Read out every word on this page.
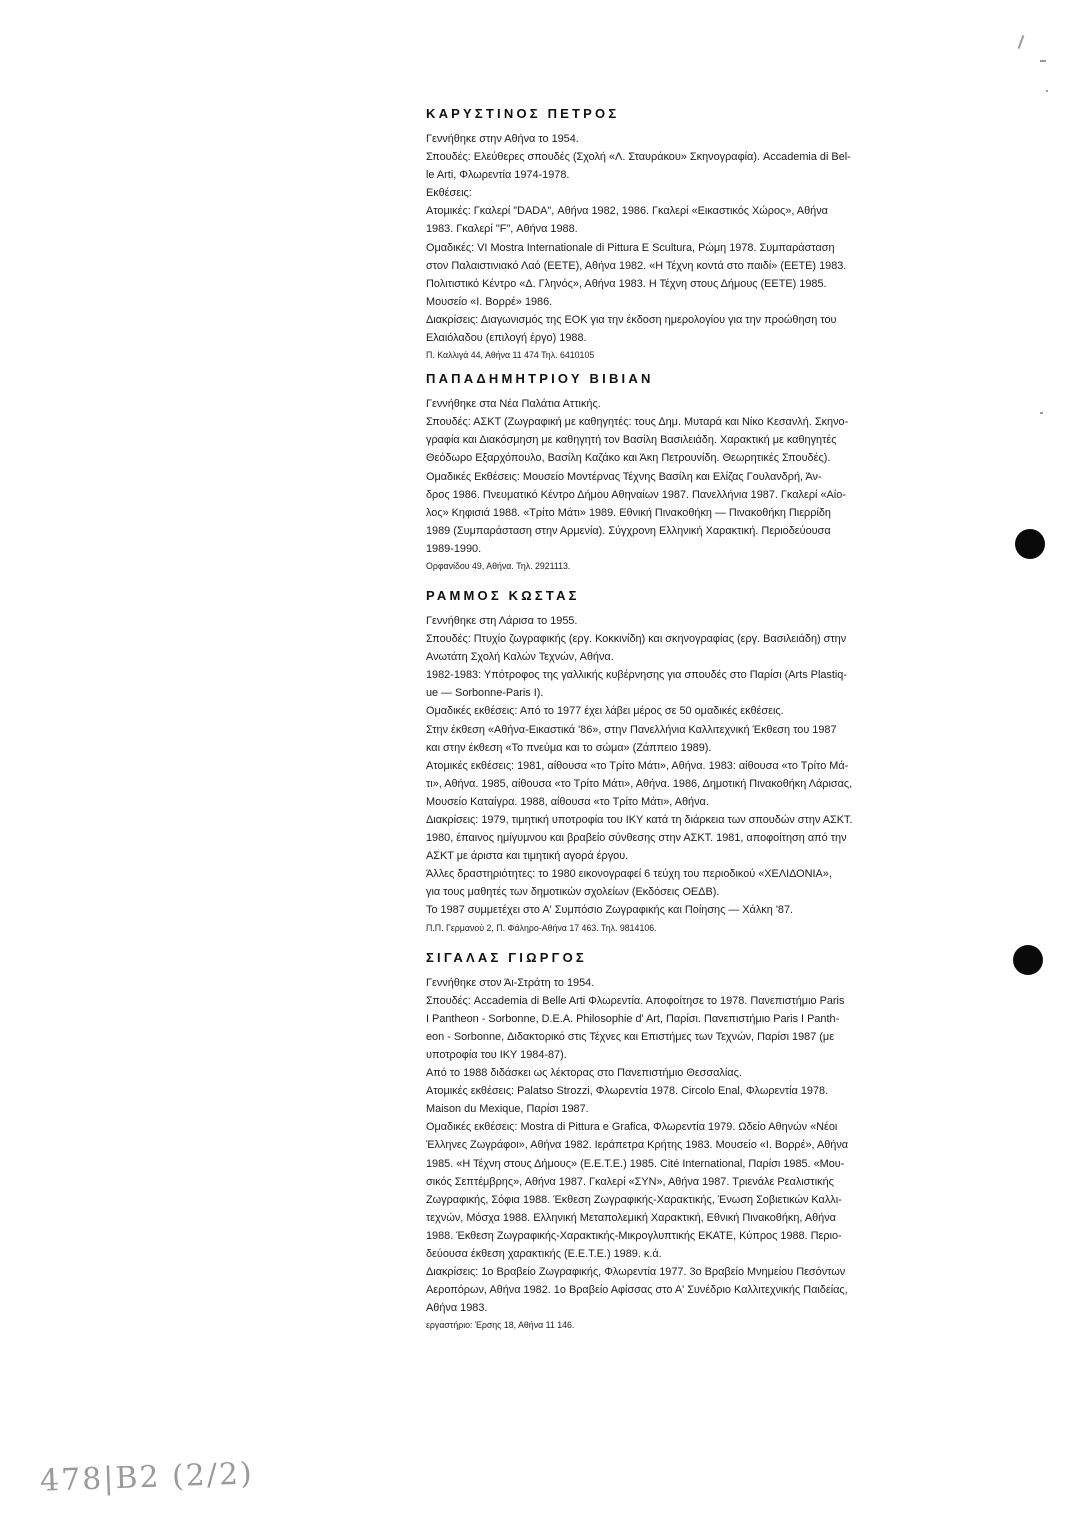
ΚΑΡΥΣΤΙΝΟΣ ΠΕΤΡΟΣ

Γεννήθηκε στην Αθήνα το 1954.

Σπουδές: Ελεύθερες σπουδές (Σχολή «Λ. Σταυράκου» Σκηνογραφία). Accademia di Bel-

le Arti, Φλωρεντία 1974-1978.

Εκθέσεις:

Ατομικές: Γκαλερί "DADA", Αθήνα 1982, 1986. Γκαλερί «Εικαστικός Χώρος», Αθήνα

1983. Γκαλερί "F", Αθήνα 1988.

Ομαδικές: VI Mostra Internationale di Pittura E Scultura, Ρώμη 1978. Συμπαράσταση

στον Παλαιστινιακό Λαό (ΕΕΤΕ), Αθήνα 1982. «Η Τέχνη κοντά στο παιδί» (ΕΕΤΕ) 1983.

Πολιτιστικό Κέντρο «Δ. Γληνός», Αθήνα 1983. Η Τέχνη στους Δήμους (ΕΕΤΕ) 1985.

Μουσείο «Ι. Βορρέ» 1986.

Διακρίσεις: Διαγωνισμός της ΕΟΚ για την έκδοση ημερολογίου για την προώθηση του

Ελαιόλαδου (επιλογή έργο) 1988.

Π. Καλλιγά 44, Αθήνα 11 474 Τηλ. 6410105

ΠΑΠΑΔΗΜΗΤΡΙΟΥ ΒΙΒΙΑΝ

Γεννήθηκε στα Νέα Παλάτια Αττικής.

Σπουδές: ΑΣΚΤ (Ζωγραφική με καθηγητές: τους Δημ. Μυταρά και Νίκο Κεσανλή. Σκηνο-

γραφία και Διακόσμηση με καθηγητή τον Βασίλη Βασιλειάδη. Χαρακτική με καθηγητές

Θεόδωρο Εξαρχόπουλο, Βασίλη Καζάκο και Άκη Πετρουνίδη. Θεωρητικές Σπουδές).

Ομαδικές Εκθέσεις: Μουσείο Μοντέρνας Τέχνης Βασίλη και Ελίζας Γουλανδρή, Άν-

δρος 1986. Πνευματικό Κέντρο Δήμου Αθηναίων 1987. Πανελλήνια 1987. Γκαλερί «Αίο-

λος» Κηφισιά 1988. «Τρίτο Μάτι» 1989. Εθνική Πινακοθήκη — Πινακοθήκη Πιερρίδη

1989 (Συμπαράσταση στην Αρμενία). Σύγχρονη Ελληνική Χαρακτική. Περιοδεύουσα

1989-1990.

Ορφανίδου 49, Αθήνα. Τηλ. 2921113.

ΡΑΜΜΟΣ ΚΩΣΤΑΣ

Γεννήθηκε στη Λάρισα το 1955.

Σπουδές: Πτυχίο ζωγραφικής (εργ. Κοκκινίδη) και σκηνογραφίας (εργ. Βασιλειάδη) στην

Ανωτάτη Σχολή Καλών Τεχνών, Αθήνα.

1982-1983: Υπότροφος της γαλλικής κυβέρνησης για σπουδές στο Παρίσι (Arts Plastiq-

ue — Sorbonne-Paris I).

Ομαδικές εκθέσεις: Από το 1977 έχει λάβει μέρος σε 50 ομαδικές εκθέσεις.

Στην έκθεση «Αθήνα-Εικαστικά '86», στην Πανελλήνια Καλλιτεχνική Έκθεση του 1987

και στην έκθεση «Το πνεύμα και το σώμα» (Ζάππειο 1989).

Ατομικές εκθέσεις: 1981, αίθουσα «το Τρίτο Μάτι», Αθήνα. 1983: αίθουσα «το Τρίτο Μά-

τι», Αθήνα. 1985, αίθουσα «το Τρίτο Μάτι», Αθήνα. 1986, Δημοτική Πινακοθήκη Λάρισας,

Μουσείο Καταίγρα. 1988, αίθουσα «το Τρίτο Μάτι», Αθήνα.

Διακρίσεις: 1979, τιμητική υποτροφία του ΙΚΥ κατά τη διάρκεια των σπουδών στην ΑΣΚΤ.

1980, έπαινος ημίγυμνου και βραβείο σύνθεσης στην ΑΣΚΤ. 1981, αποφοίτηση από την

ΑΣΚΤ με άριστα και τιμητική αγορά έργου.

Άλλες δραστηριότητες: το 1980 εικονογραφεί 6 τεύχη του περιοδικού «ΧΕΛΙΔΟΝΙΑ»,

για τους μαθητές των δημοτικών σχολείων (Εκδόσεις ΟΕΔΒ).

Το 1987 συμμετέχει στο Α' Συμπόσιο Ζωγραφικής και Ποίησης — Χάλκη '87.

Π.Π. Γερμανού 2, Π. Φάληρο-Αθήνα 17 463. Τηλ. 9814106.

ΣΙΓΑΛΑΣ ΓΙΩΡΓΟΣ

Γεννήθηκε στον Άι-Στράτη το 1954.

Σπουδές: Accademia di Belle Arti Φλωρεντία. Αποφοίτησε το 1978. Πανεπιστήμιο Paris

I Pantheon - Sorbonne, D.E.A. Philosophie d' Art, Παρίσι. Πανεπιστήμιο Paris I Panth-

eon - Sorbonne, Διδακτορικό στις Τέχνες και Επιστήμες των Τεχνών, Παρίσι 1987 (με

υποτροφία του ΙΚΥ 1984-87).

Από το 1988 διδάσκει ως λέκτορας στο Πανεπιστήμιο Θεσσαλίας.

Ατομικές εκθέσεις: Palatso Strozzi, Φλωρεντία 1978. Circolo Enal, Φλωρεντία 1978.

Maison du Mexique, Παρίσι 1987.

Ομαδικές εκθέσεις: Mostra di Pittura e Grafica, Φλωρεντία 1979. Ωδείο Αθηνών «Νέοι

Έλληνες Ζωγράφοι», Αθήνα 1982. Ιεράπετρα Κρήτης 1983. Μουσείο «Ι. Βορρέ», Αθήνα

1985. «Η Τέχνη στους Δήμους» (Ε.Ε.Τ.Ε.) 1985. Cité International, Παρίσι 1985. «Μου-

σικός Σεπτέμβρης», Αθήνα 1987. Γκαλερί «ΣΥΝ», Αθήνα 1987. Τριενάλε Ρεαλιστικής

Ζωγραφικής, Σόφια 1988. Έκθεση Ζωγραφικής-Χαρακτικής, Ένωση Σοβιετικών Καλλι-

τεχνών, Μόσχα 1988. Ελληνική Μεταπολεμική Χαρακτική, Εθνική Πινακοθήκη, Αθήνα

1988. Έκθεση Ζωγραφικής-Χαρακτικής-Μικρογλυπτικής ΕΚΑΤΕ, Κύπρος 1988. Περιο-

δεύουσα έκθεση χαρακτικής (Ε.Ε.Τ.Ε.) 1989. κ.ά.

Διακρίσεις: 1ο Βραβείο Ζωγραφικής, Φλωρεντία 1977. 3ο Βραβείο Μνημείου Πεσόντων

Αεροπόρων, Αθήνα 1982. 1ο Βραβείο Αφίσσας στο Α' Συνέδριο Καλλιτεχνικής Παιδείας,

Αθήνα 1983.

εργαστήριο: Έρσης 18, Αθήνα 11 146.

478|B2 (2/2)
